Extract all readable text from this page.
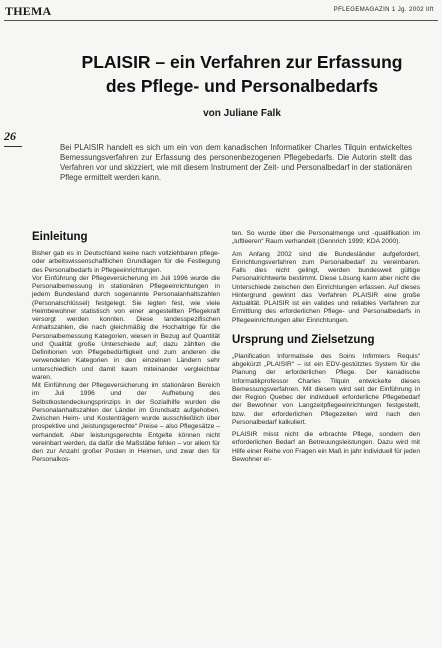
THEMA	PFLEGEMAGAZIN 1 Jg. 2002 Ilft
PLAISIR – ein Verfahren zur Erfassung
des Pflege- und Personalbedarfs
von Juliane Falk
26
Bei PLAISIR handelt es sich um ein von dem kanadischen Informatiker Charles Tilquin entwickeltes Bemessungsverfahren zur Erfassung des personenbezogenen Pflegebedarfs. Die Autorin stellt das Verfahren vor und skizziert, wie mit diesem Instrument der Zeit- und Personalbedarf in der stationären Pflege ermittelt werden kann.
Einleitung

Bisher gab es in Deutschland keine nach vollziehbaren pflege- oder arbeitswissenschaftlichen Grundlagen für die Festlegung des Personalbedarfs in Pflegeeinrichtungen.

Vor Einführung der Pflegeversicherung im Juli 1996 wurde die Personalbemessung in stationären Pflegeeinrichtungen in jedem Bundesland durch sogenannte Personalanhaltszahlen (Personalschlüssel) festgelegt. Sie legten fest, wie viele Heimbewohner statistisch von einer angestellten Pflegekraft versorgt werden konnten. Diese landesspezifischen Anhaltszahlen, die nach gleichmäßig die Hochaltrige für die Personalbemessung Kategorien, wiesen in Bezug auf Quantität und Qualität große Unterschiede auf; dazu zählten die Definitionen von Pflegebedürftigkeit und zum anderen die verwendeten Kategorien in den einzelnen Ländern sehr unterschiedlich und damit kaum miteinander vergleichbar waren.

Mit Einführung der Pflegeversicherung im stationären Bereich im Juli 1996 und der Aufhebung des Selbstkostendeckungsprinzips in der Sozialhilfe wurden die Personalanhaltszahlen der Länder im Grundsatz aufgehoben. Zwischen Heim- und Kostenträgern wurde ausschließlich über prospektive und „leistungsgerechte“ Preise – also Pflegesätze – verhandelt. Aber leistungsgerechte Entgelte können nicht vereinbart werden, da dafür die Maßstäbe fehlen – vor allem für den zur Anzahl großer Posten in Heimen, und zwar den für Personalkos-

ten. So wurde über die Personalmenge und -qualifikation im „luftleeren“ Raum verhandelt (Gennrich 1999; KDA 2000).

Am Anfang 2002 sind die Bundesländer aufgefordert, Einrichtungsverfahren zum Personalbedarf zu vereinbaren. Falls dies nicht gelingt, werden bundesweit gültige Personalrichtwerte bestimmt. Diese Lösung kann aber nicht die Unterschiede zwischen den Einrichtungen erfassen. Auf dieses Hintergrund gewinnt das Verfahren PLAISIR eine große Aktualität. PLAISIR ist ein valides und reliables Verfahren zur Ermittlung des erforderlichen Pflege- und Personalbedarfs in Pflegeeinrichtungen aller Einrichtungen.

Ursprung und Zielsetzung

„Planification Informatisée des Soins Infirmiers Requis“ abgekürzt „PLAISIR“ – ist ein EDV-gestütztes System für die Planung der erforderlichen Pflege. Der kanadische Informatikprofessor Charles Tilquin entwickelte dieses Bemessungsverfahren. Mit diesem wird seit der Einführung in der Region Quebec der individuell erforderliche Pflegebedarf der Bewohner von Langzeitpflegeeinrichtungen festgestellt, bzw. der erforderlichen Pflegezeiten wird nach den Personalbedarf kalkuliert.

PLAISIR misst nicht die erbrachte Pflege, sondern den erforderlichen Bedarf an Betreuungsleistungen. Dazu wird mit Hilfe einer Reihe von Fragen ein Maß in jahr individuell für jeden Bewohner er-
